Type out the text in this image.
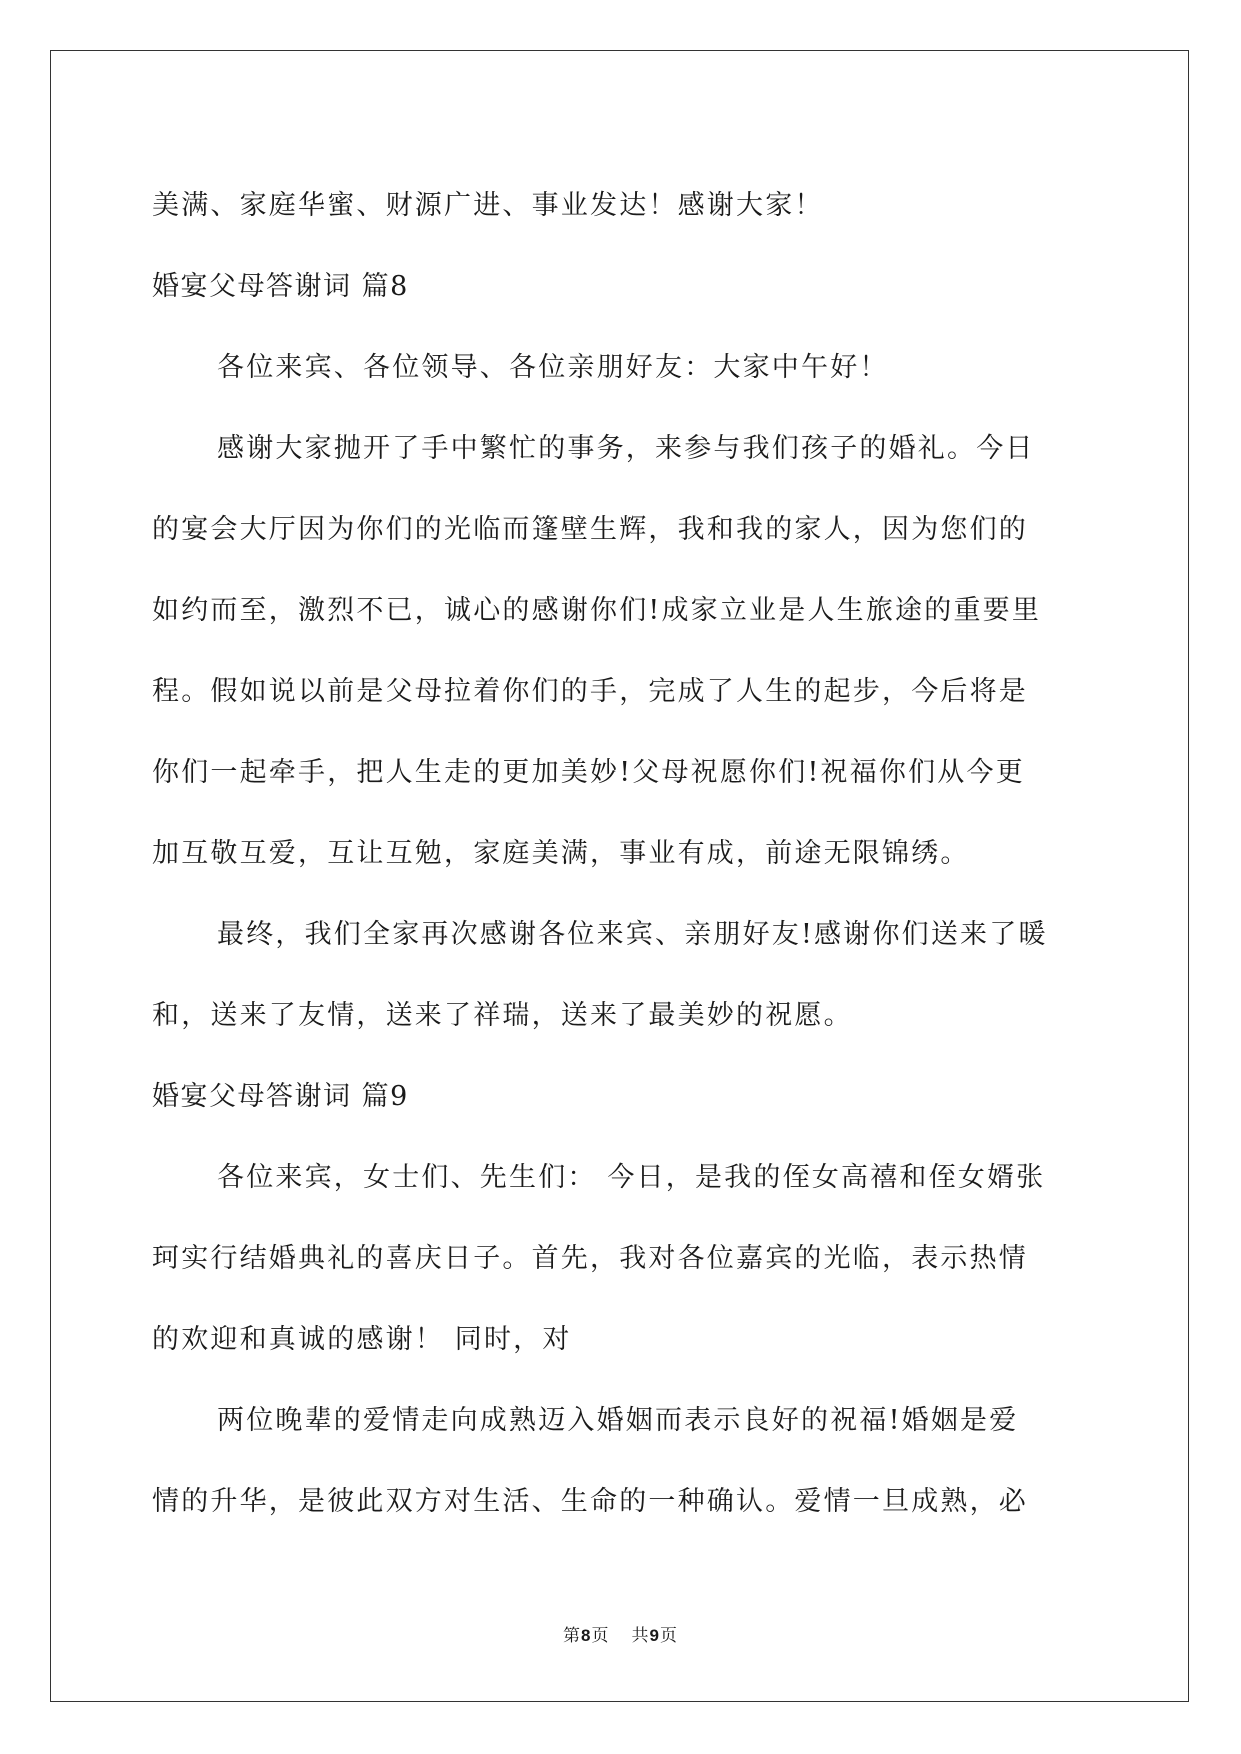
美满、家庭华蜜、财源广进、事业发达！感谢大家！

婚宴父母答谢词 篇8

各位来宾、各位领导、各位亲朋好友：大家中午好！

感谢大家抛开了手中繁忙的事务，来参与我们孩子的婚礼。今日

的宴会大厅因为你们的光临而篷壁生辉，我和我的家人，因为您们的

如约而至，激烈不已，诚心的感谢你们!成家立业是人生旅途的重要里

程。假如说以前是父母拉着你们的手，完成了人生的起步，今后将是

你们一起牵手，把人生走的更加美妙!父母祝愿你们!祝福你们从今更

加互敬互爱，互让互勉，家庭美满，事业有成，前途无限锦绣。

最终，我们全家再次感谢各位来宾、亲朋好友!感谢你们送来了暖

和，送来了友情，送来了祥瑞，送来了最美妙的祝愿。

婚宴父母答谢词 篇9

各位来宾，女士们、先生们： 今日，是我的侄女高禧和侄女婿张

珂实行结婚典礼的喜庆日子。首先，我对各位嘉宾的光临，表示热情

的欢迎和真诚的感谢！ 同时，对

两位晚辈的爱情走向成熟迈入婚姻而表示良好的祝福!婚姻是爱

情的升华，是彼此双方对生活、生命的一种确认。爱情一旦成熟，必

第8页 共9页
